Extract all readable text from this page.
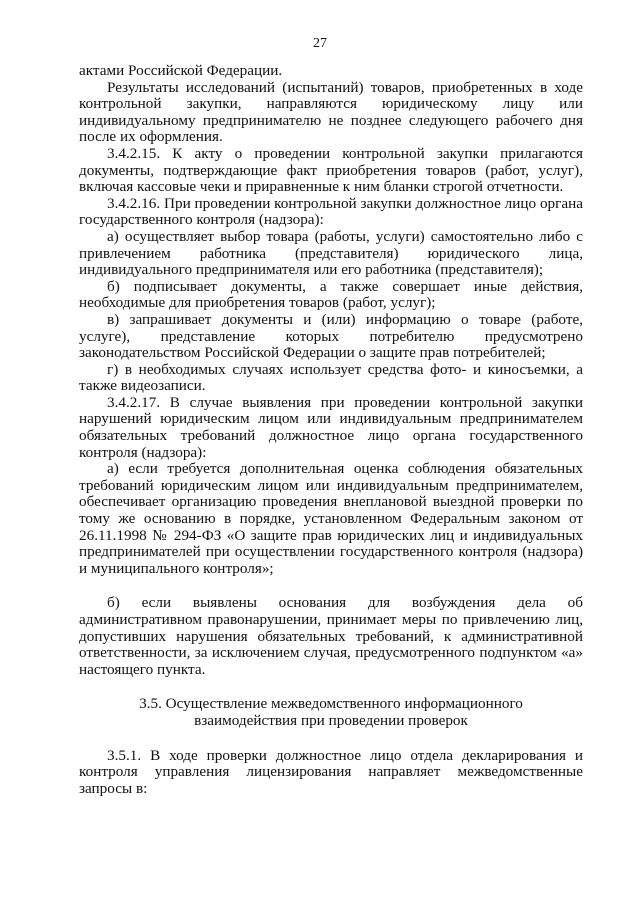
27

актами Российской Федерации.

Результаты исследований (испытаний) товаров, приобретенных в ходе контрольной закупки, направляются юридическому лицу или индивидуальному предпринимателю не позднее следующего рабочего дня после их оформления.

3.4.2.15. К акту о проведении контрольной закупки прилагаются документы, подтверждающие факт приобретения товаров (работ, услуг), включая кассовые чеки и приравненные к ним бланки строгой отчетности.

3.4.2.16. При проведении контрольной закупки должностное лицо органа государственного контроля (надзора):

а) осуществляет выбор товара (работы, услуги) самостоятельно либо с привлечением работника (представителя) юридического лица, индивидуального предпринимателя или его работника (представителя);

б) подписывает документы, а также совершает иные действия, необходимые для приобретения товаров (работ, услуг);

в) запрашивает документы и (или) информацию о товаре (работе, услуге), представление которых потребителю предусмотрено законодательством Российской Федерации о защите прав потребителей;

г) в необходимых случаях использует средства фото- и киносъемки, а также видеозаписи.

3.4.2.17. В случае выявления при проведении контрольной закупки нарушений юридическим лицом или индивидуальным предпринимателем обязательных требований должностное лицо органа государственного контроля (надзора):

а) если требуется дополнительная оценка соблюдения обязательных требований юридическим лицом или индивидуальным предпринимателем, обеспечивает организацию проведения внеплановой выездной проверки по тому же основанию в порядке, установленном Федеральным законом от 26.11.1998 № 294-ФЗ «О защите прав юридических лиц и индивидуальных предпринимателей при осуществлении государственного контроля (надзора) и муниципального контроля»;

б) если выявлены основания для возбуждения дела об административном правонарушении, принимает меры по привлечению лиц, допустивших нарушения обязательных требований, к административной ответственности, за исключением случая, предусмотренного подпунктом «а» настоящего пункта.

3.5. Осуществление межведомственного информационного

взаимодействия при проведении проверок

3.5.1. В ходе проверки должностное лицо отдела декларирования и контроля управления лицензирования направляет межведомственные запросы в:
